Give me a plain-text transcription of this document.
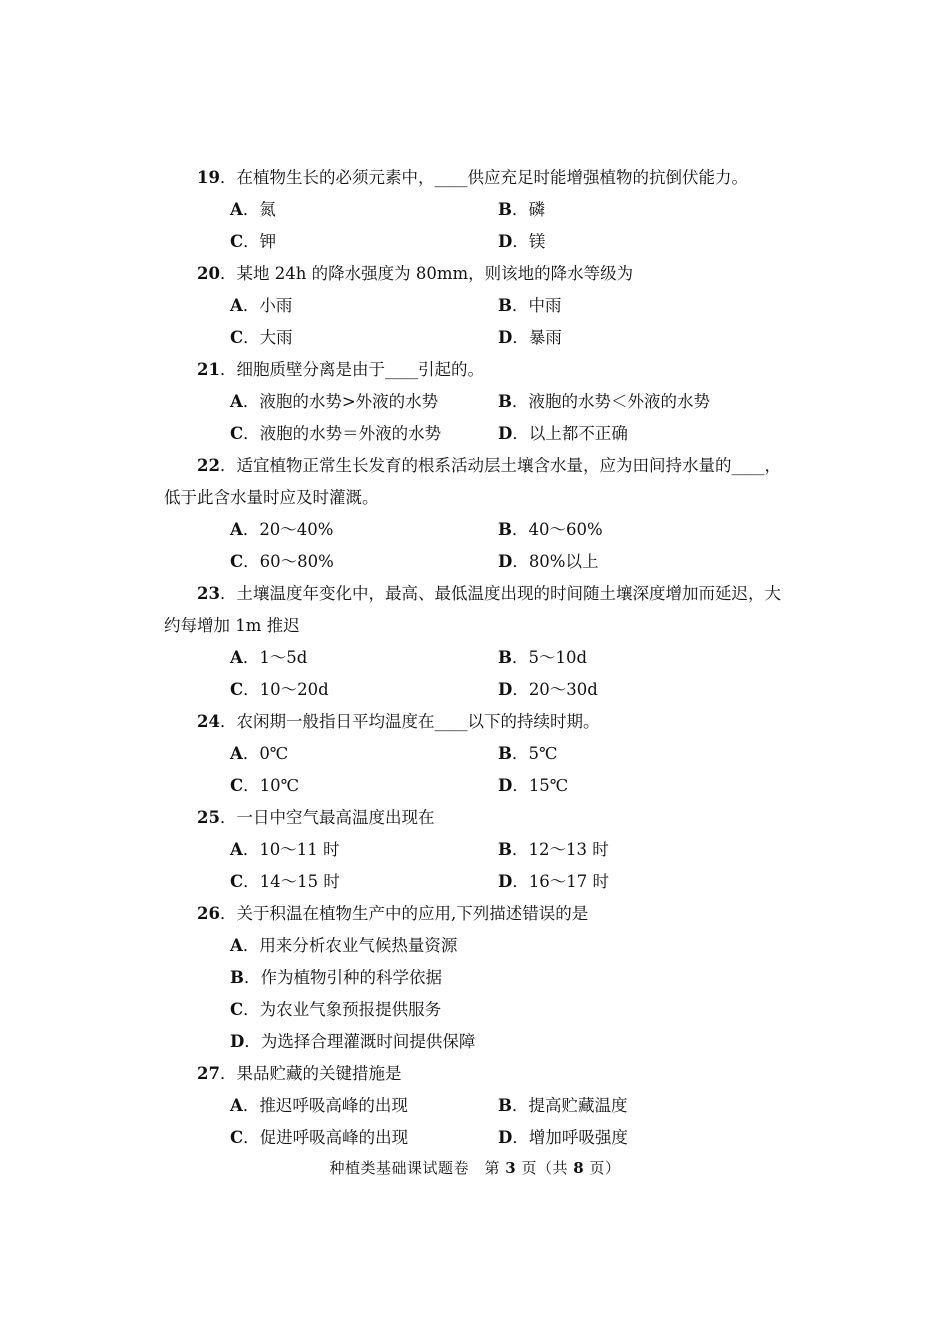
19．在植物生长的必须元素中，____供应充足时能增强植物的抗倒伏能力。
A．氮	B．磷
C．钾	D．镁
20．某地 24h 的降水强度为 80mm，则该地的降水等级为
A．小雨	B．中雨
C．大雨	D．暴雨
21．细胞质壁分离是由于____引起的。
A．液胞的水势>外液的水势	B．液胞的水势＜外液的水势
C．液胞的水势＝外液的水势	D．以上都不正确
22．适宜植物正常生长发育的根系活动层土壤含水量，应为田间持水量的____，
低于此含水量时应及时灌溉。
A．20～40%	B．40～60%
C．60～80%	D．80%以上
23．土壤温度年变化中，最高、最低温度出现的时间随土壤深度增加而延迟，大
约每增加 1m 推迟
A．1～5d	B．5～10d
C．10～20d	D．20～30d
24．农闲期一般指日平均温度在____以下的持续时期。
A．0℃	B．5℃
C．10℃	D．15℃
25．一日中空气最高温度出现在
A．10～11 时	B．12～13 时
C．14～15 时	D．16～17 时
26．关于积温在植物生产中的应用,下列描述错误的是
A．用来分析农业气候热量资源
B．作为植物引种的科学依据
C．为农业气象预报提供服务
D．为选择合理灌溉时间提供保障
27．果品贮藏的关键措施是
A．推迟呼吸高峰的出现	B．提高贮藏温度
C．促进呼吸高峰的出现	D．增加呼吸强度
种植类基础课试题卷　第 3 页（共 8 页）
